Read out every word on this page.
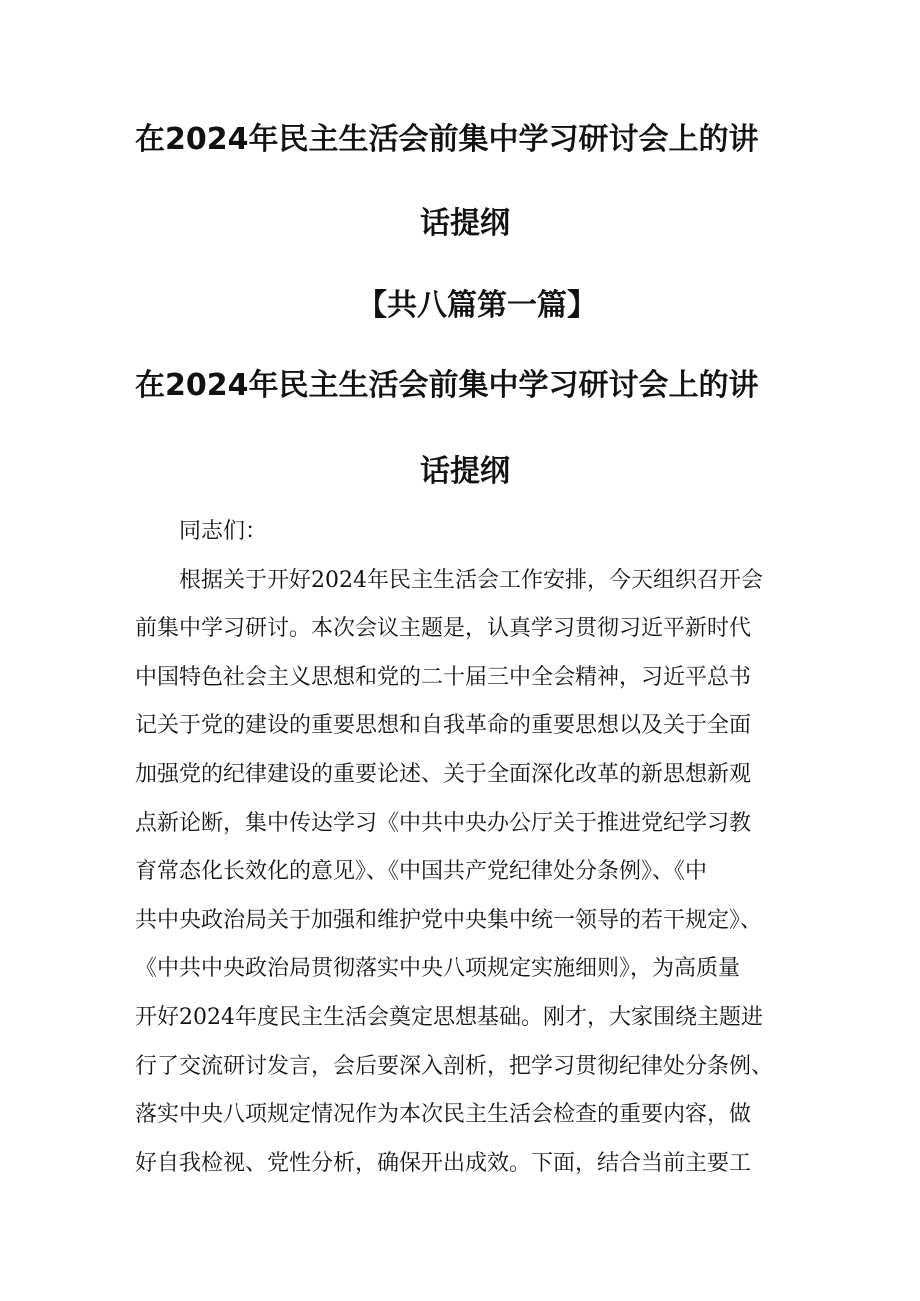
在2024年民主生活会前集中学习研讨会上的讲
话提纲
【共八篇第一篇】
在2024年民主生活会前集中学习研讨会上的讲
话提纲

同志们：

根据关于开好2024年民主生活会工作安排，今天组织召开会
前集中学习研讨。本次会议主题是，认真学习贯彻习近平新时代
中国特色社会主义思想和党的二十届三中全会精神，习近平总书
记关于党的建设的重要思想和自我革命的重要思想以及关于全面
加强党的纪律建设的重要论述、关于全面深化改革的新思想新观
点新论断，集中传达学习《中共中央办公厅关于推进党纪学习教
育常态化长效化的意见》、《中国共产党纪律处分条例》、《中
共中央政治局关于加强和维护党中央集中统一领导的若干规定》、
《中共中央政治局贯彻落实中央八项规定实施细则》，为高质量
开好2024年度民主生活会奠定思想基础。刚才，大家围绕主题进
行了交流研讨发言，会后要深入剖析，把学习贯彻纪律处分条例、
落实中央八项规定情况作为本次民主生活会检查的重要内容，做
好自我检视、党性分析，确保开出成效。下面，结合当前主要工
